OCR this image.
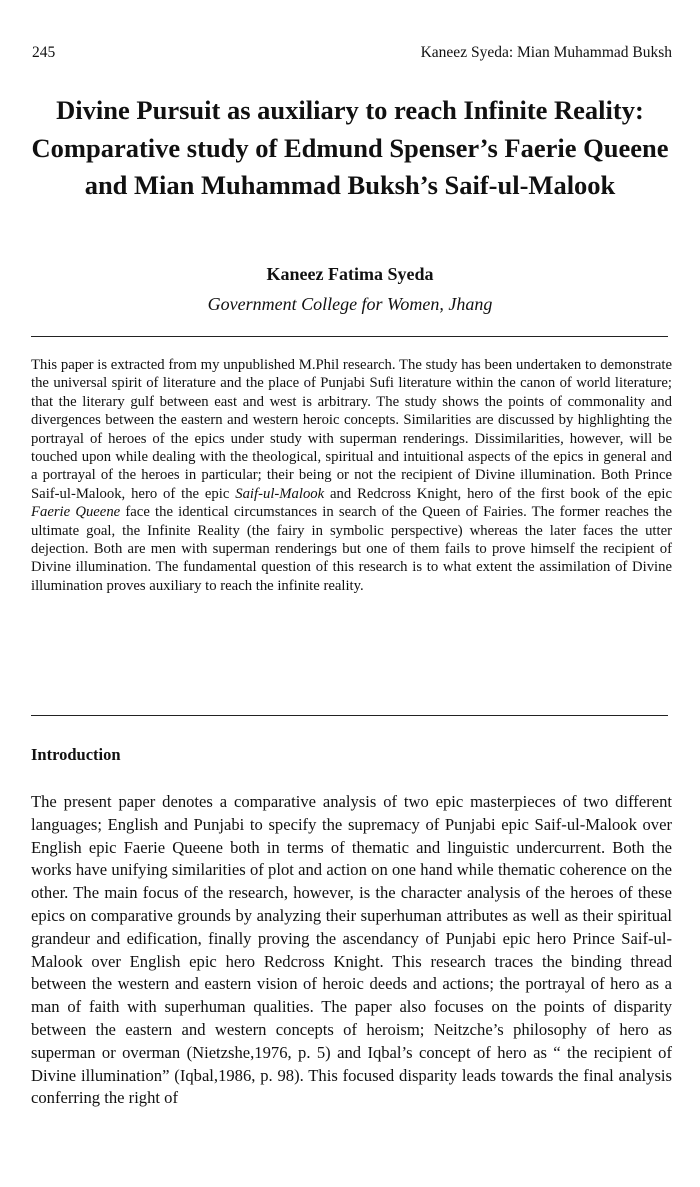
245	Kaneez Syeda: Mian Muhammad Buksh
Divine Pursuit as auxiliary to reach Infinite Reality: Comparative study of Edmund Spenser’s Faerie Queene and Mian Muhammad Buksh’s Saif-ul-Malook
Kaneez Fatima Syeda
Government College for Women, Jhang

This paper is extracted from my unpublished M.Phil research. The study has been undertaken to demonstrate the universal spirit of literature and the place of Punjabi Sufi literature within the canon of world literature; that the literary gulf between east and west is arbitrary. The study shows the points of commonality and divergences between the eastern and western heroic concepts. Similarities are discussed by highlighting the portrayal of heroes of the epics under study with superman renderings. Dissimilarities, however, will be touched upon while dealing with the theological, spiritual and intuitional aspects of the epics in general and a portrayal of the heroes in particular; their being or not the recipient of Divine illumination. Both Prince Saif-ul-Malook, hero of the epic Saif-ul-Malook and Redcross Knight, hero of the first book of the epic Faerie Queene face the identical circumstances in search of the Queen of Fairies. The former reaches the ultimate goal, the Infinite Reality (the fairy in symbolic perspective) whereas the later faces the utter dejection. Both are men with superman renderings but one of them fails to prove himself the recipient of Divine illumination. The fundamental question of this research is to what extent the assimilation of Divine illumination proves auxiliary to reach the infinite reality.

Introduction

The present paper denotes a comparative analysis of two epic masterpieces of two different languages; English and Punjabi to specify the supremacy of Punjabi epic Saif-ul-Malook over English epic Faerie Queene both in terms of thematic and linguistic undercurrent. Both the works have unifying similarities of plot and action on one hand while thematic coherence on the other. The main focus of the research, however, is the character analysis of the heroes of these epics on comparative grounds by analyzing their superhuman attributes as well as their spiritual grandeur and edification, finally proving the ascendancy of Punjabi epic hero Prince Saif-ul-Malook over English epic hero Redcross Knight. This research traces the binding thread between the western and eastern vision of heroic deeds and actions; the portrayal of hero as a man of faith with superhuman qualities. The paper also focuses on the points of disparity between the eastern and western concepts of heroism; Neitzche’s philosophy of hero as superman or overman (Nietzshe,1976, p. 5) and Iqbal’s concept of hero as “ the recipient of Divine illumination” (Iqbal,1986, p. 98). This focused disparity leads towards the final analysis conferring the right of
